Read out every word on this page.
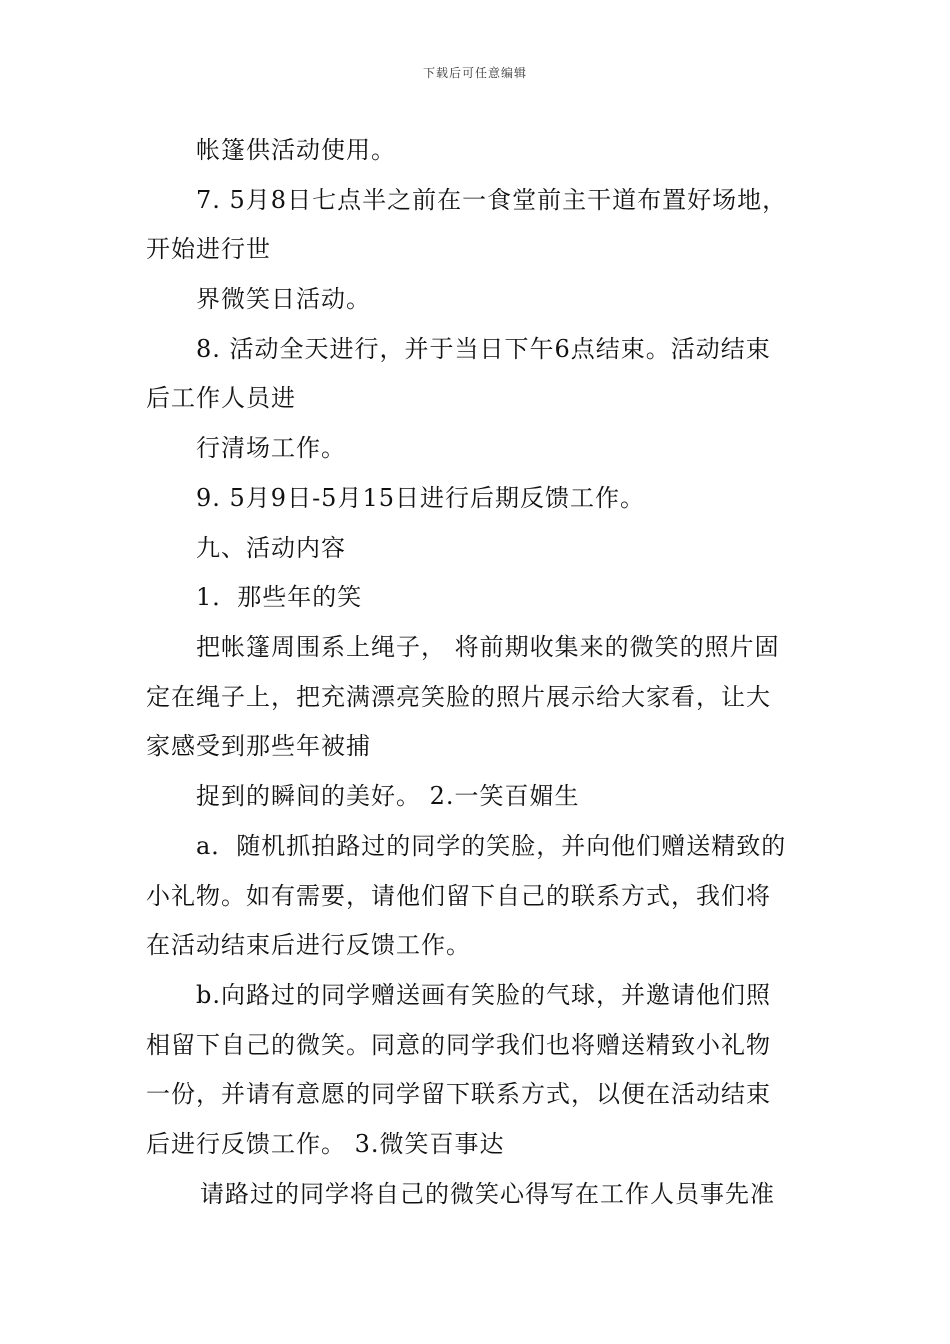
下载后可任意编辑
帐篷供活动使用。
7. 5月8日七点半之前在一食堂前主干道布置好场地，
开始进行世
界微笑日活动。
8. 活动全天进行，并于当日下午6点结束。活动结束
后工作人员进
行清场工作。
9. 5月9日-5月15日进行后期反馈工作。
九、活动内容
1．那些年的笑
把帐篷周围系上绳子， 将前期收集来的微笑的照片固
定在绳子上，把充满漂亮笑脸的照片展示给大家看，让大
家感受到那些年被捕
捉到的瞬间的美好。 2.一笑百媚生
a．随机抓拍路过的同学的笑脸，并向他们赠送精致的
小礼物。如有需要，请他们留下自己的联系方式，我们将
在活动结束后进行反馈工作。
b.向路过的同学赠送画有笑脸的气球，并邀请他们照
相留下自己的微笑。同意的同学我们也将赠送精致小礼物
一份，并请有意愿的同学留下联系方式，以便在活动结束
后进行反馈工作。 3.微笑百事达
请路过的同学将自己的微笑心得写在工作人员事先准
